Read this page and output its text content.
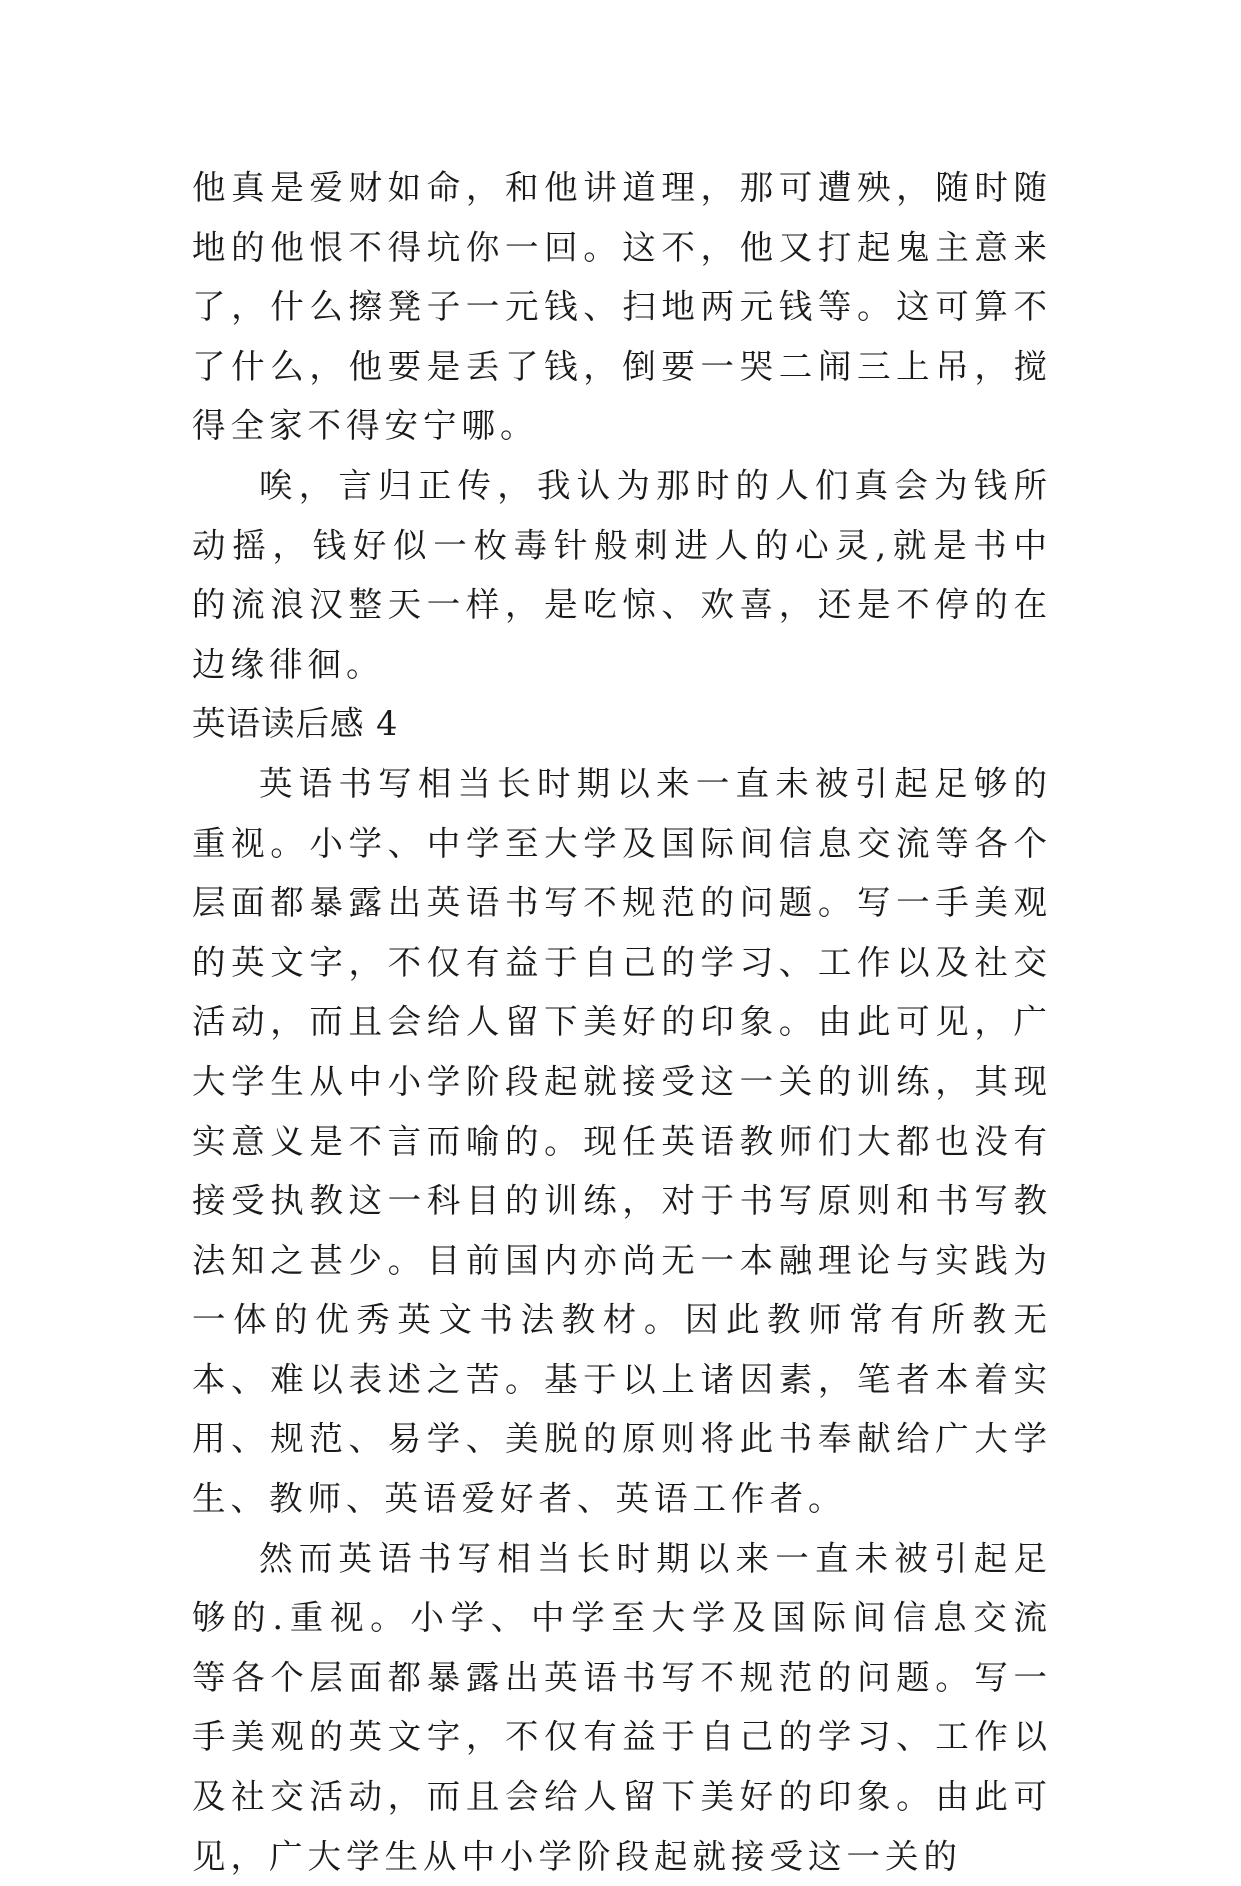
他真是爱财如命，和他讲道理，那可遭殃，随时随地的他恨不得坑你一回。这不，他又打起鬼主意来了，什么擦凳子一元钱、扫地两元钱等。这可算不了什么，他要是丢了钱，倒要一哭二闹三上吊，搅得全家不得安宁哪。

唉，言归正传，我认为那时的人们真会为钱所动摇，钱好似一枚毒针般刺进人的心灵,就是书中的流浪汉整天一样，是吃惊、欢喜，还是不停的在边缘徘徊。

英语读后感 4

英语书写相当长时期以来一直未被引起足够的重视。小学、中学至大学及国际间信息交流等各个层面都暴露出英语书写不规范的问题。写一手美观的英文字，不仅有益于自己的学习、工作以及社交活动，而且会给人留下美好的印象。由此可见，广大学生从中小学阶段起就接受这一关的训练，其现实意义是不言而喻的。现任英语教师们大都也没有接受执教这一科目的训练，对于书写原则和书写教法知之甚少。目前国内亦尚无一本融理论与实践为一体的优秀英文书法教材。因此教师常有所教无本、难以表述之苦。基于以上诸因素，笔者本着实用、规范、易学、美脱的原则将此书奉献给广大学生、教师、英语爱好者、英语工作者。

然而英语书写相当长时期以来一直未被引起足够的.重视。小学、中学至大学及国际间信息交流等各个层面都暴露出英语书写不规范的问题。写一手美观的英文字，不仅有益于自己的学习、工作以及社交活动，而且会给人留下美好的印象。由此可见，广大学生从中小学阶段起就接受这一关的
